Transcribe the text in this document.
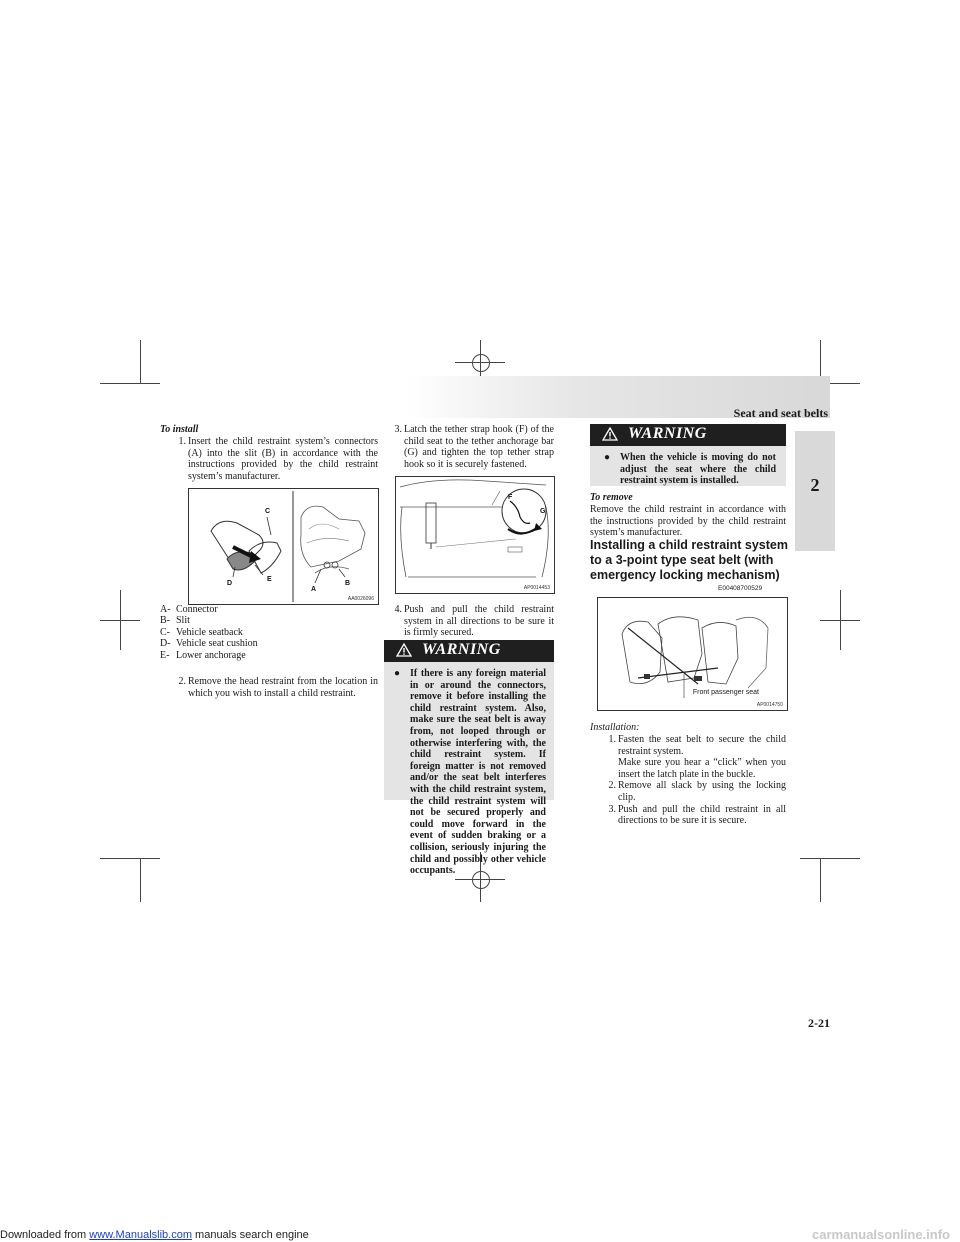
Seat and seat belts
2
To install
1. Insert the child restraint system’s connectors (A) into the slit (B) in accordance with the instructions provided by the child restraint system’s manufacturer.
C
D
E
A
B
AA0026096
A- Connector
B- Slit
C- Vehicle seatback
D- Vehicle seat cushion
E- Lower anchorage
2. Remove the head restraint from the location in which you wish to install a child restraint.
3. Latch the tether strap hook (F) of the child seat to the tether anchorage bar (G) and tighten the top tether strap hook so it is securely fastened.
F
G
AP0014453
4. Push and pull the child restraint system in all directions to be sure it is firmly secured.
WARNING
● If there is any foreign material in or around the connectors, remove it before installing the child restraint system. Also, make sure the seat belt is away from, not looped through or otherwise interfering with, the child restraint system. If foreign matter is not removed and/or the seat belt interferes with the child restraint system, the child restraint system will not be secured properly and could move forward in the event of sudden braking or a collision, seriously injuring the child and possibly other vehicle occupants.
WARNING
● When the vehicle is moving do not adjust the seat where the child restraint system is installed.
To remove
Remove the child restraint in accordance with the instructions provided by the child restraint system’s manufacturer.
Installing a child restraint system to a 3-point type seat belt (with emergency locking mechanism)
E00408700529
Front passenger seat
AP0014750
Installation:
1. Fasten the seat belt to secure the child restraint system.
Make sure you hear a “click” when you insert the latch plate in the buckle.
2. Remove all slack by using the locking clip.
3. Push and pull the child restraint in all directions to be sure it is secure.
2-21
Downloaded from www.Manualslib.com manuals search engine	carmanualsonline.info
